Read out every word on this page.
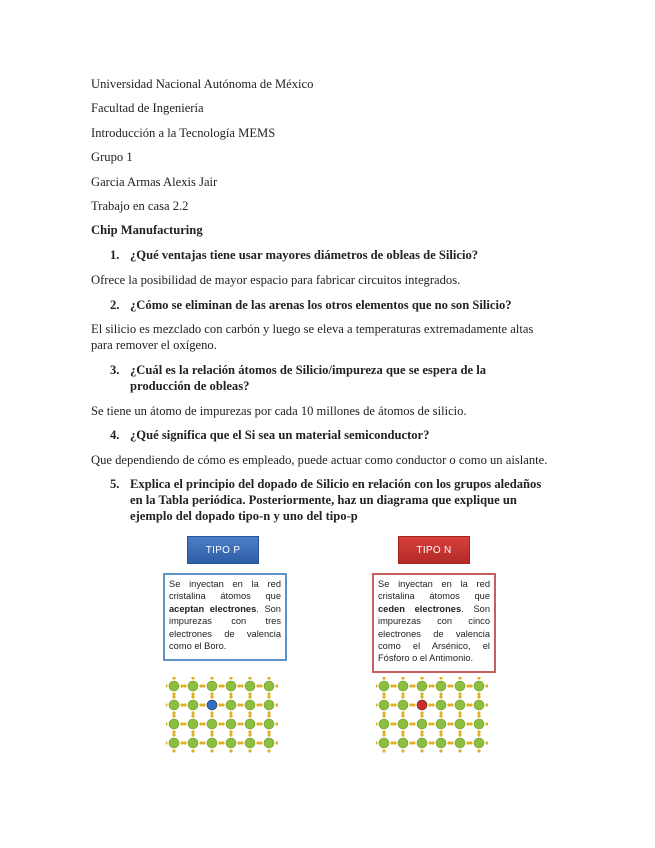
Universidad Nacional Autónoma de México
Facultad de Ingeniería
Introducción a la Tecnología MEMS
Grupo 1
Garcia Armas Alexis Jair
Trabajo en casa 2.2
Chip Manufacturing
1. ¿Qué ventajas tiene usar mayores diámetros de obleas de Silicio?
Ofrece la posibilidad de mayor espacio para fabricar circuitos integrados.
2. ¿Cómo se eliminan de las arenas los otros elementos que no son Silicio?
El silicio es mezclado con carbón y luego se eleva a temperaturas extremadamente altas
para remover el oxígeno.
3. ¿Cuál es la relación átomos de Silicio/impureza que se espera de la
producción de obleas?
Se tiene un átomo de impurezas por cada 10 millones de átomos de silicio.
4. ¿Qué significa que el Si sea un material semiconductor?
Que dependiendo de cómo es empleado, puede actuar como conductor o como un aislante.
5. Explica el principio del dopado de Silicio en relación con los grupos aledaños
en la Tabla periódica. Posteriormente, haz un diagrama que explique un
ejemplo del dopado tipo-n y uno del tipo-p
TIPO P
Se inyectan en la red cristalina átomos que aceptan electrones. Son impurezas con tres electrones de valencia como el Boro.
TIPO N
Se inyectan en la red cristalina átomos que ceden electrones. Son impurezas con cinco electrones de valencia como el Arsénico, el Fósforo o el Antimonio.
